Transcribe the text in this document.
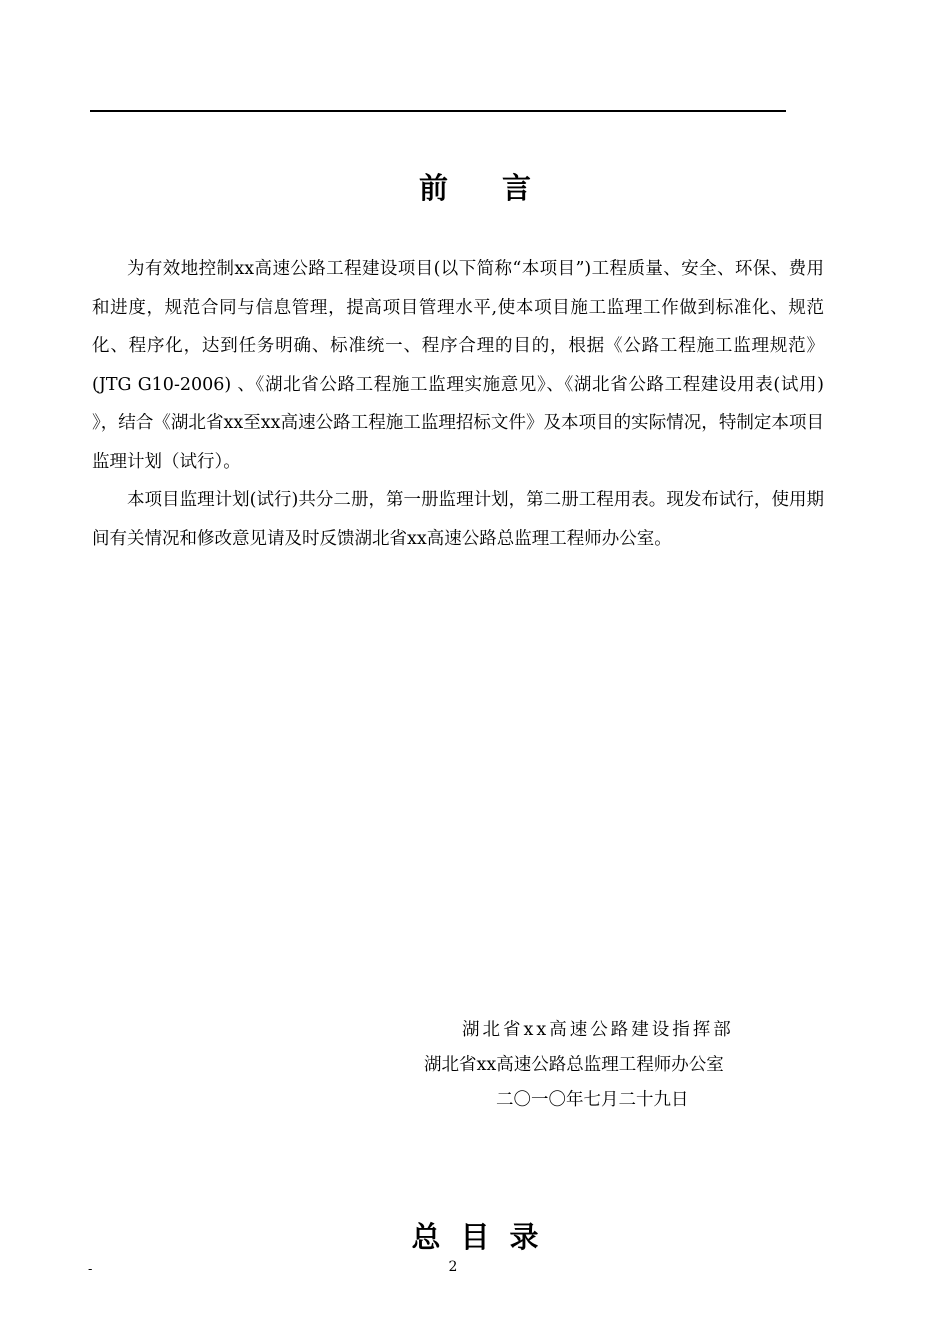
前言

为有效地控制xx高速公路工程建设项目(以下简称“本项目”)工程质量、安全、环保、费用和进度，规范合同与信息管理，提高项目管理水平,使本项目施工监理工作做到标准化、规范化、程序化，达到任务明确、标准统一、程序合理的目的，根据《公路工程施工监理规范》(JTG G10-2006) 、《湖北省公路工程施工监理实施意见》、《湖北省公路工程建设用表(试用) 》，结合《湖北省xx至xx高速公路工程施工监理招标文件》及本项目的实际情况，特制定本项目监理计划（试行）。

本项目监理计划(试行)共分二册，第一册监理计划，第二册工程用表。现发布试行，使用期间有关情况和修改意见请及时反馈湖北省xx高速公路总监理工程师办公室。

湖北省xx高速公路建设指挥部
湖北省xx高速公路总监理工程师办公室
二〇一〇年七月二十九日
总目录
-	2
